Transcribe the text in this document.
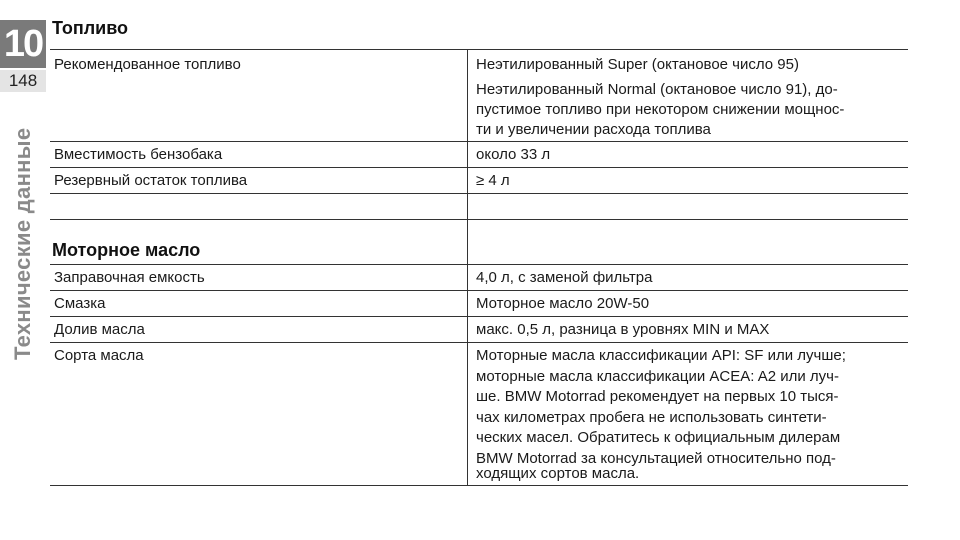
10
148
Технические данные
Топливо
Рекомендованное топливо	Неэтилированный Super (октановое число 95)
Неэтилированный Normal (октановое число 91), до-
пустимое топливо при некотором снижении мощнос-
ти и увеличении расхода топлива
Вместимость бензобака	около 33 л
Резервный остаток топлива	≥ 4 л
Моторное масло
Заправочная емкость	4,0 л, с заменой фильтра
Смазка	Моторное масло 20W-50
Долив масла	макс. 0,5 л, разница в уровнях MIN и MAX
Сорта масла	Моторные масла классификации API: SF или лучше;
моторные масла классификации ACEA: A2 или луч-
ше. BMW Motorrad рекомендует на первых 10 тыся-
чах километрах пробега не использовать синтети-
ческих масел. Обратитесь к официальным дилерам
BMW Motorrad за консультацией относительно под-
ходящих сортов масла.
